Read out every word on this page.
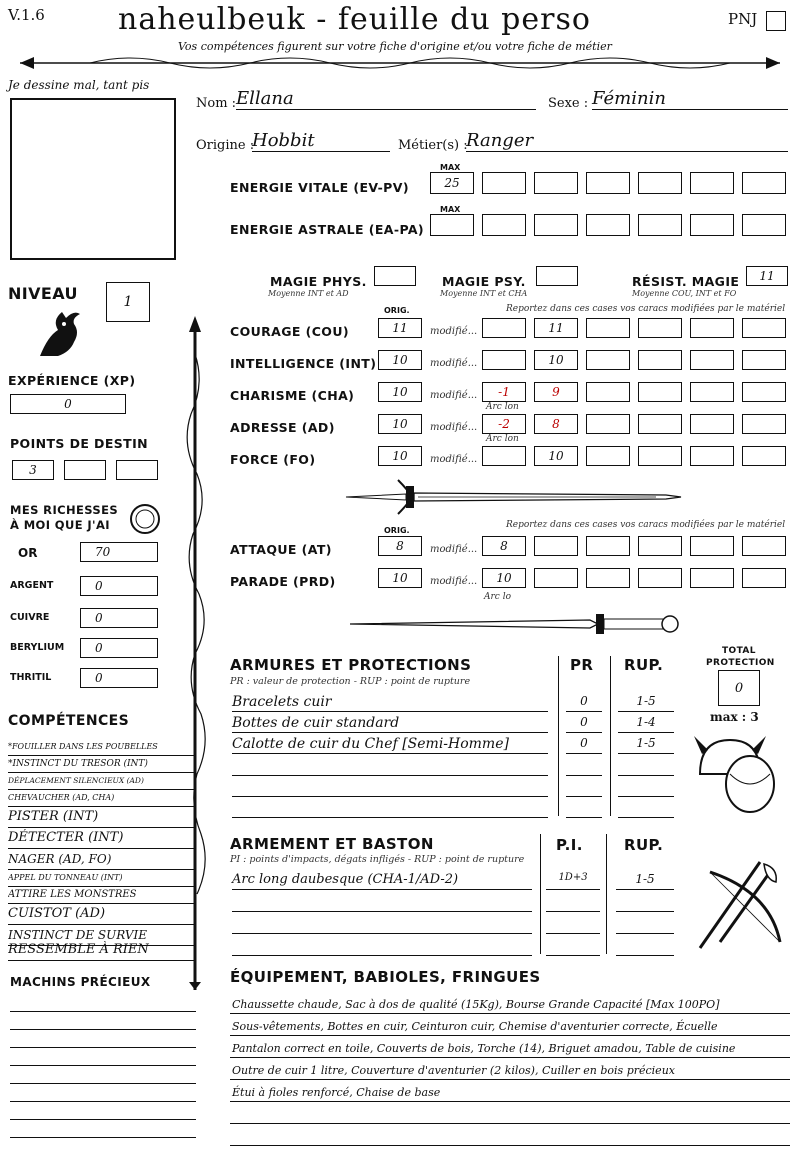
V.1.6 naheulbeuk - feuille du perso	PNJ
Vos compétences figurent sur votre fiche d'origine et/ou votre fiche de métier
Je dessine mal, tant pis
Nom : Ellana	Sexe : Féminin
Origine :
Hobbit	Métier(s) :
Ranger
MAX
ENERGIE VITALE (EV-PV)	25
MAX
ENERGIE ASTRALE (EA-PA)
MAGIE PHYS.
Moyenne INT et AD
MAGIE PSY.
Moyenne INT et CHA
RÉSIST. MAGIE
Moyenne COU, INT et FO
11
ORIG.	Reportez dans ces cases vos caracs modifiées par le matériel
COURAGE (COU)	11	modifié...	11
INTELLIGENCE (INT)	10	modifié...	10
CHARISME (CHA)	10	modifié...	-1	9
Arc lon
ADRESSE (AD)	10	modifié...	-2	8
Arc lon
FORCE (FO)	10	modifié...	10
ORIG.
Reportez dans ces cases vos caracs modifiées par le matériel
ATTAQUE (AT)	8	modifié...	8
PARADE (PRD)	10	modifié...	10
Arc lo
NIVEAU	1
EXPÉRIENCE (XP)
0
POINTS DE DESTIN
3
MES RICHESSES
À MOI QUE J'AI
OR	70
ARGENT	0
CUIVRE	0
BERYLIUM	0
THRITIL	0
COMPÉTENCES
*FOUILLER DANS LES POUBELLES
*INSTINCT DU TRESOR (INT)
DÉPLACEMENT SILENCIEUX (AD)
CHEVAUCHER (AD, CHA)
PISTER (INT)
DÉTECTER (INT)
NAGER (AD, FO)
APPEL DU TONNEAU (INT)
ATTIRE LES MONSTRES
CUISTOT (AD)
INSTINCT DE SURVIE
RESSEMBLE À RIEN
MACHINS PRÉCIEUX
ARMURES ET PROTECTIONS
PR : valeur de protection - RUP : point de rupture
PR RUP.
Bracelets cuir	0	1-5
Bottes de cuir standard	0	1-4
Calotte de cuir du Chef [Semi-Homme]	0	1-5
TOTAL
PROTECTION
0
max : 3
ARMEMENT ET BASTON
PI : points d'impacts, dégats infligés - RUP : point de rupture
P.I.	RUP.
Arc long daubesque (CHA-1/AD-2)	1D+3	1-5
ÉQUIPEMENT, BABIOLES, FRINGUES
Chaussette chaude, Sac à dos de qualité (15Kg), Bourse Grande Capacité [Max 100PO]
Sous-vêtements, Bottes en cuir, Ceinturon cuir, Chemise d'aventurier correcte, Écuelle
Pantalon correct en toile, Couverts de bois, Torche (14), Briguet amadou, Table de cuisine
Outre de cuir 1 litre, Couverture d'aventurier (2 kilos), Cuiller en bois précieux
Étui à fioles renforcé, Chaise de base
